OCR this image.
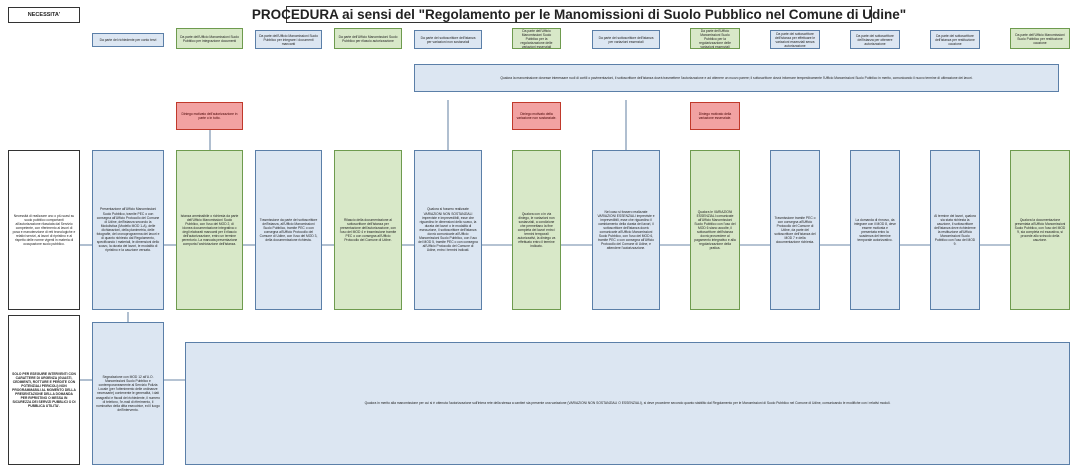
NECESSITA'	PROCEDURA ai sensi del "Regolamento per le Manomissioni di Suolo Pubblico nel Comune di Udine"
Da parte del richiedente per conto terzi
Da parte dell'Ufficio Manomissioni Suolo Pubblico per integrazione documenti
Da parte dell'Ufficio Manomissioni Suolo Pubblico per integrare i documenti mancanti
Da parte dell'Ufficio Manomissioni Suolo Pubblico per rilascio autorizzazione
Da parte del sottoscrittore dell'istanza per variazioni non sostanziali
Da parte dell'Ufficio Manomissioni Suolo Pubblico per la regolarizzazione delle variazioni essenziali
Da parte del sottoscrittore dell'istanza per variazioni essenziali
Da parte dell'Ufficio Manomissioni Suolo Pubblico per la regolarizzazione delle variazioni essenziali
Da parte del sottoscrittore dell'istanza per effettuare le variazioni essenziali senza autorizzazione
Da parte del sottoscrittore dell'istanza per ottenere autorizzazione
Da parte del sottoscrittore dell'istanza per restituzione cauzione
Da parte dell'Ufficio Manomissioni Suolo Pubblico per restituzione cauzione
Qualora la manomissione dovesse interessare ruoli di cortili o pavimentazioni, il sottoscrittore dell'istanza dovrà trasmettere l'autorizzazione e ad ottenere un nuovo parere; il sottoscrittore dovrà informare tempestivamente l'Ufficio Manomissioni Suolo Pubblico in merito, comunicando il nuovo termine di ultimazione dei lavori.
Diniego motivato dell'autorizzazione in parte o in tutto.
Diniego motivato della variazione non sostanziale.
Diniego motivato della variazione essenziale.
Necessità di realizzare uno o più scavi su suolo pubblico comportanti all'autorizzazione rilasciata dal Servizio competente, con riferimento ai lavori di posa e manutenzione di reti tecnologiche e relativi servizi, ai lavori di ripristino e al rispetto delle norme vigenti in materia di occupazione suolo pubblico.
SOLO PER ESEGUIRE INTERVENTI CON CARATTERE DI URGENZA (GUASTI, CEDIMENTI, ROTTURE E PERDITE CON POTENZIALI PERICOLI) NON PROGRAMMABILI AL MOMENTO DELLA PRESENTAZIONE DELLA DOMANDA PER RIPRISTINO O MESSA IN SICUREZZA DEI SERVIZI PUBBLICI O DI PUBBLICA UTILITA'.
Presentazione all'Ufficio Manomissioni Suolo Pubblico, tramite PEC o con consegna all'Ufficio Protocollo del Comune di Udine, dell'istanza secondo la Modulistica (Modello MOD 1-A), delle dichiarazioni, della planimetria, delle fotografie, del cronoprogramma dei lavori e di quanto richiesto dal Regolamento, specificando i materiali, le dimensioni dello scavo, la durata dei lavori, le modalità di ripristino e la cauzione versata.
Istanza ammissibile o richiesta da parte dell'Ufficio Manomissioni Suolo Pubblico, con l'uso del MOD 2, di idonea documentazione integrativa o degli elaborati mancanti per il rilascio dell'autorizzazione, entro un termine perentorio. La mancata presentazione comporta l'archiviazione dell'istanza.
Trasmissione da parte del sottoscrittore dell'istanza, all'Ufficio Manomissioni Suolo Pubblico, tramite PEC o con consegna all'Ufficio Protocollo del Comune di Udine, con l'uso del MOD 3, della documentazione richiesta.
Rilascio della documentazione al sottoscrittore dell'istanza per presentazione dell'autorizzazione, con l'uso del MOD 4 e trasmissione tramite PEC o con consegna all'Ufficio Protocollo del Comune di Udine.
Qualora si fossero realizzate VARIAZIONI NON SOSTANZIALI impreviste e imprevedibili, esse che riguardino le dimensioni dello scavo, la durata dei lavori o le modalità di esecuzione, il sottoscrittore dell'istanza dovrà comunicarle all'Ufficio Manomissioni Suolo Pubblico, con l'uso del MOD 5, tramite PEC o con consegna all'Ufficio Protocollo del Comune di Udine, entro i termini indicati.
Qualora con o in via diniego, le variazioni non sostanziali, a condizione che permettano la fine completa dei lavori entro i termini temporali autorizzativi, la diniego va effettuato entro il termine indicato.
Nel caso si fossero realizzate VARIAZIONI ESSENZIALI impreviste e imprevedibili, esse che riguardino il cambiamento della durata dei lavori, il sottoscrittore dell'istanza dovrà comunicarle all'Ufficio Manomissioni Suolo Pubblico, con l'uso del MOD 6, tramite PEC o con consegna all'Ufficio Protocollo del Comune di Udine, e attendere l'autorizzazione.
Qualora le VARIAZIONI ESSENZIALI comunicate all'Ufficio Manomissioni Suolo Pubblico con l'uso del MOD 6 siano accolte, il sottoscrittore dell'istanza dovrà provvedere al pagamento integrativo e alla regolarizzazione della pratica.
Trasmissione tramite PEC o con consegna all'Ufficio Protocollo del Comune di Udine, da parte del sottoscrittore dell'istanza del MOD 7 e della documentazione richiesta.
La domanda di rinnovo, da integrare con il MOD 8, deve essere motivata e presentata entro la scadenza del termine temporale autorizzativo.
Al termine dei lavori, qualora sia stata richiesta la cauzione, il sottoscrittore dell'istanza deve richiederne la restituzione all'Ufficio Manomissioni Suolo Pubblico con l'uso del MOD 9.
Qualora la documentazione presentata all'Ufficio Manomissioni Suolo Pubblico, con l'uso del MOD 9, sia completa ed esaustiva, si procede allo svincolo della cauzione.
Segnalazione con MOD 12 all'U.O. Manomissioni Suolo Pubblico e contemporaneamente al Servizio Polizia Locale (per l'ottenimento delle ordinanze necessarie) contenente le generalità, i dati anagrafici e fiscali del richiedente, il numero di telefono, l'e-mail di riferimento, il nominativo della ditta esecutrice, ed il luogo dell'intervento.
Qualora in merito alla manomissione per cui si è ottenuta l'autorizzazione sull'intera rete della stessa a cantieri sia presente una variazione (VARIAZIONI NON SOSTANZIALI O ESSENZIALI), si deve procedere secondo quanto stabilito dal Regolamento per le Manomissioni di Suolo Pubblico nel Comune di Udine, comunicando le modifiche con i relativi moduli.
